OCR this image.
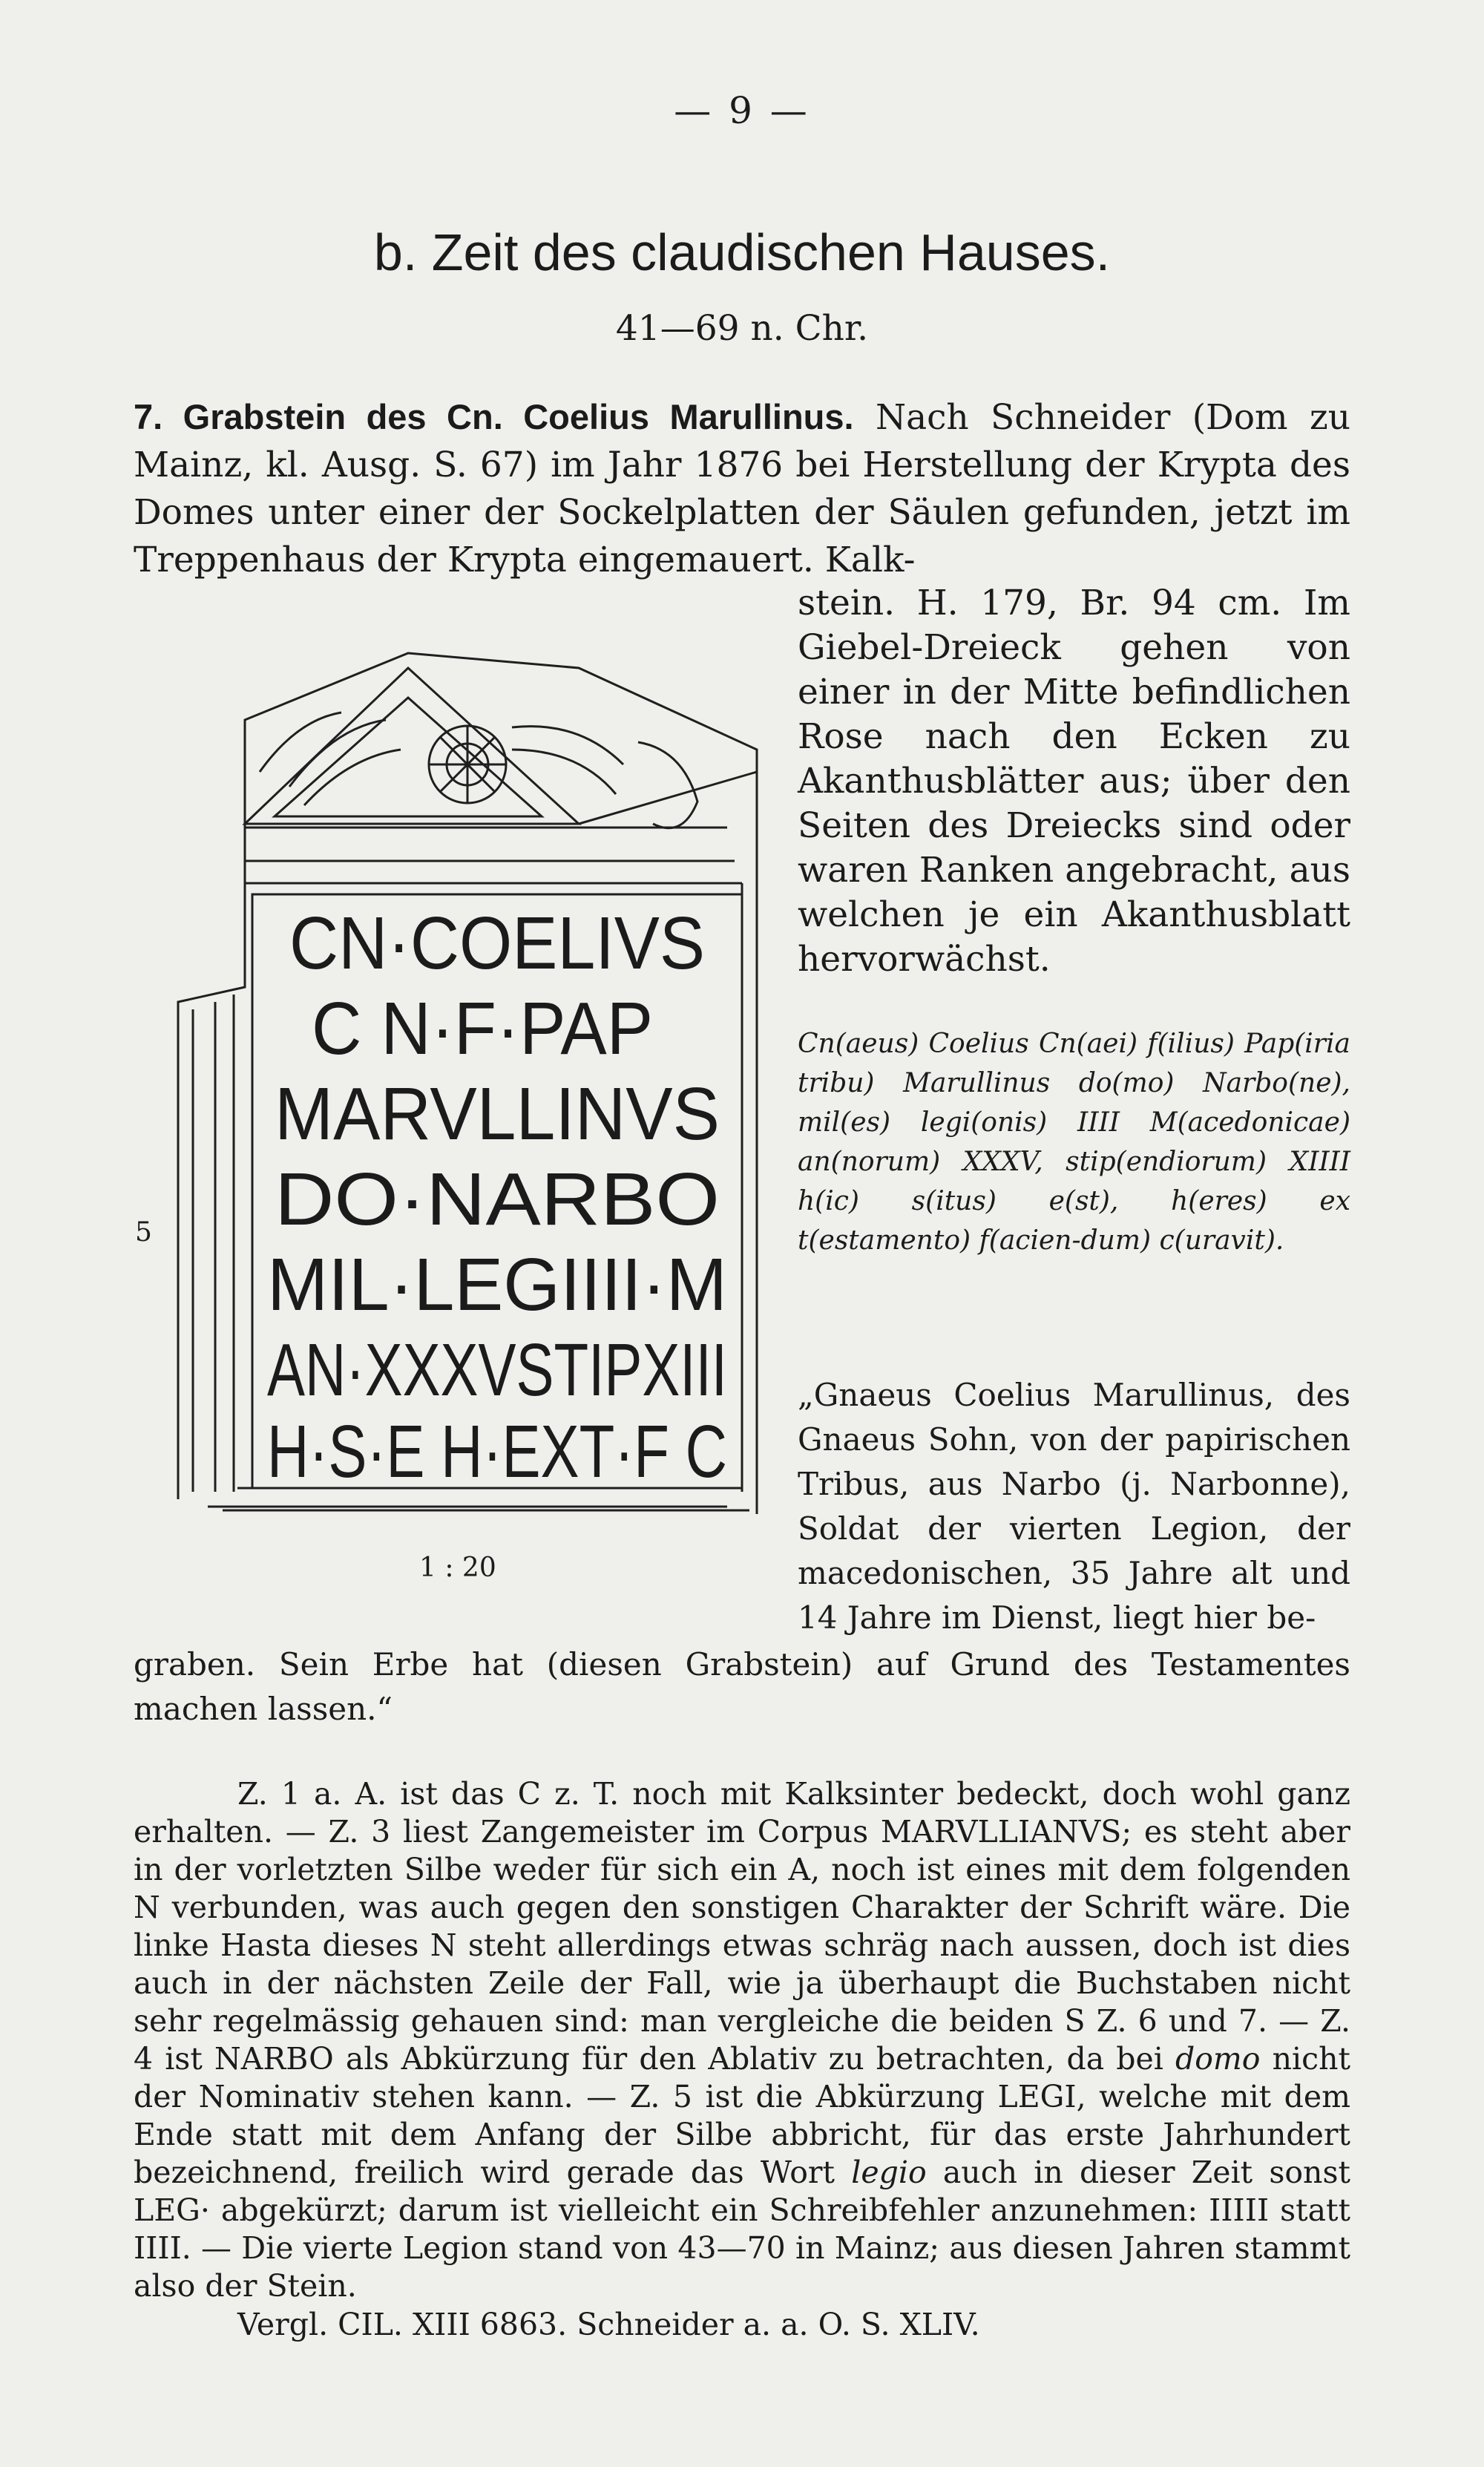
— 9 —
b. Zeit des claudischen Hauses.
41—69 n. Chr.

7. Grabstein des Cn. Coelius Marullinus. Nach Schneider (Dom zu Mainz, kl. Ausg. S. 67) im Jahr 1876 bei Herstellung der Krypta des Domes unter einer der Sockelplatten der Säulen gefunden, jetzt im Treppenhaus der Krypta eingemauert. Kalk-

stein. H. 179, Br. 94 cm. Im Giebel-Dreieck gehen von einer in der Mitte befindlichen Rose nach den Ecken zu Akanthusblätter aus; über den Seiten des Dreiecks sind oder waren Ranken angebracht, aus welchen je ein Akanthusblatt hervorwächst.

CN·COELIVS
C N·F·PAP
MARVLLINVS
DO·NARBO
MIL·LEGIIII·M
AN·XXXVSTIPXIII
H·S·E H·EXT·F C
5
1 : 20

Cn(aeus) Coelius Cn(aei) f(ilius) Pap(iria tribu) Marullinus do(mo) Narbo(ne), mil(es) legi(onis) IIII M(acedonicae) an(norum) XXXV, stip(endiorum) XIIII h(ic) s(itus) e(st), h(eres) ex t(estamento) f(acien-dum) c(uravit).

„Gnaeus Coelius Marullinus, des Gnaeus Sohn, von der papirischen Tribus, aus Narbo (j. Narbonne), Soldat der vierten Legion, der macedonischen, 35 Jahre alt und 14 Jahre im Dienst, liegt hier be-

graben. Sein Erbe hat (diesen Grabstein) auf Grund des Testamentes machen lassen.“

Z. 1 a. A. ist das C z. T. noch mit Kalksinter bedeckt, doch wohl ganz erhalten. — Z. 3 liest Zangemeister im Corpus MARVLLIANVS; es steht aber in der vorletzten Silbe weder für sich ein A, noch ist eines mit dem folgenden N verbunden, was auch gegen den sonstigen Charakter der Schrift wäre. Die linke Hasta dieses N steht allerdings etwas schräg nach aussen, doch ist dies auch in der nächsten Zeile der Fall, wie ja überhaupt die Buchstaben nicht sehr regelmässig gehauen sind: man vergleiche die beiden S Z. 6 und 7. — Z. 4 ist NARBO als Abkürzung für den Ablativ zu betrachten, da bei domo nicht der Nominativ stehen kann. — Z. 5 ist die Abkürzung LEGI, welche mit dem Ende statt mit dem Anfang der Silbe abbricht, für das erste Jahrhundert bezeichnend, freilich wird gerade das Wort legio auch in dieser Zeit sonst LEG· abgekürzt; darum ist vielleicht ein Schreibfehler anzunehmen: IIIII statt IIII. — Die vierte Legion stand von 43—70 in Mainz; aus diesen Jahren stammt also der Stein.

Vergl. CIL. XIII 6863. Schneider a. a. O. S. XLIV.
